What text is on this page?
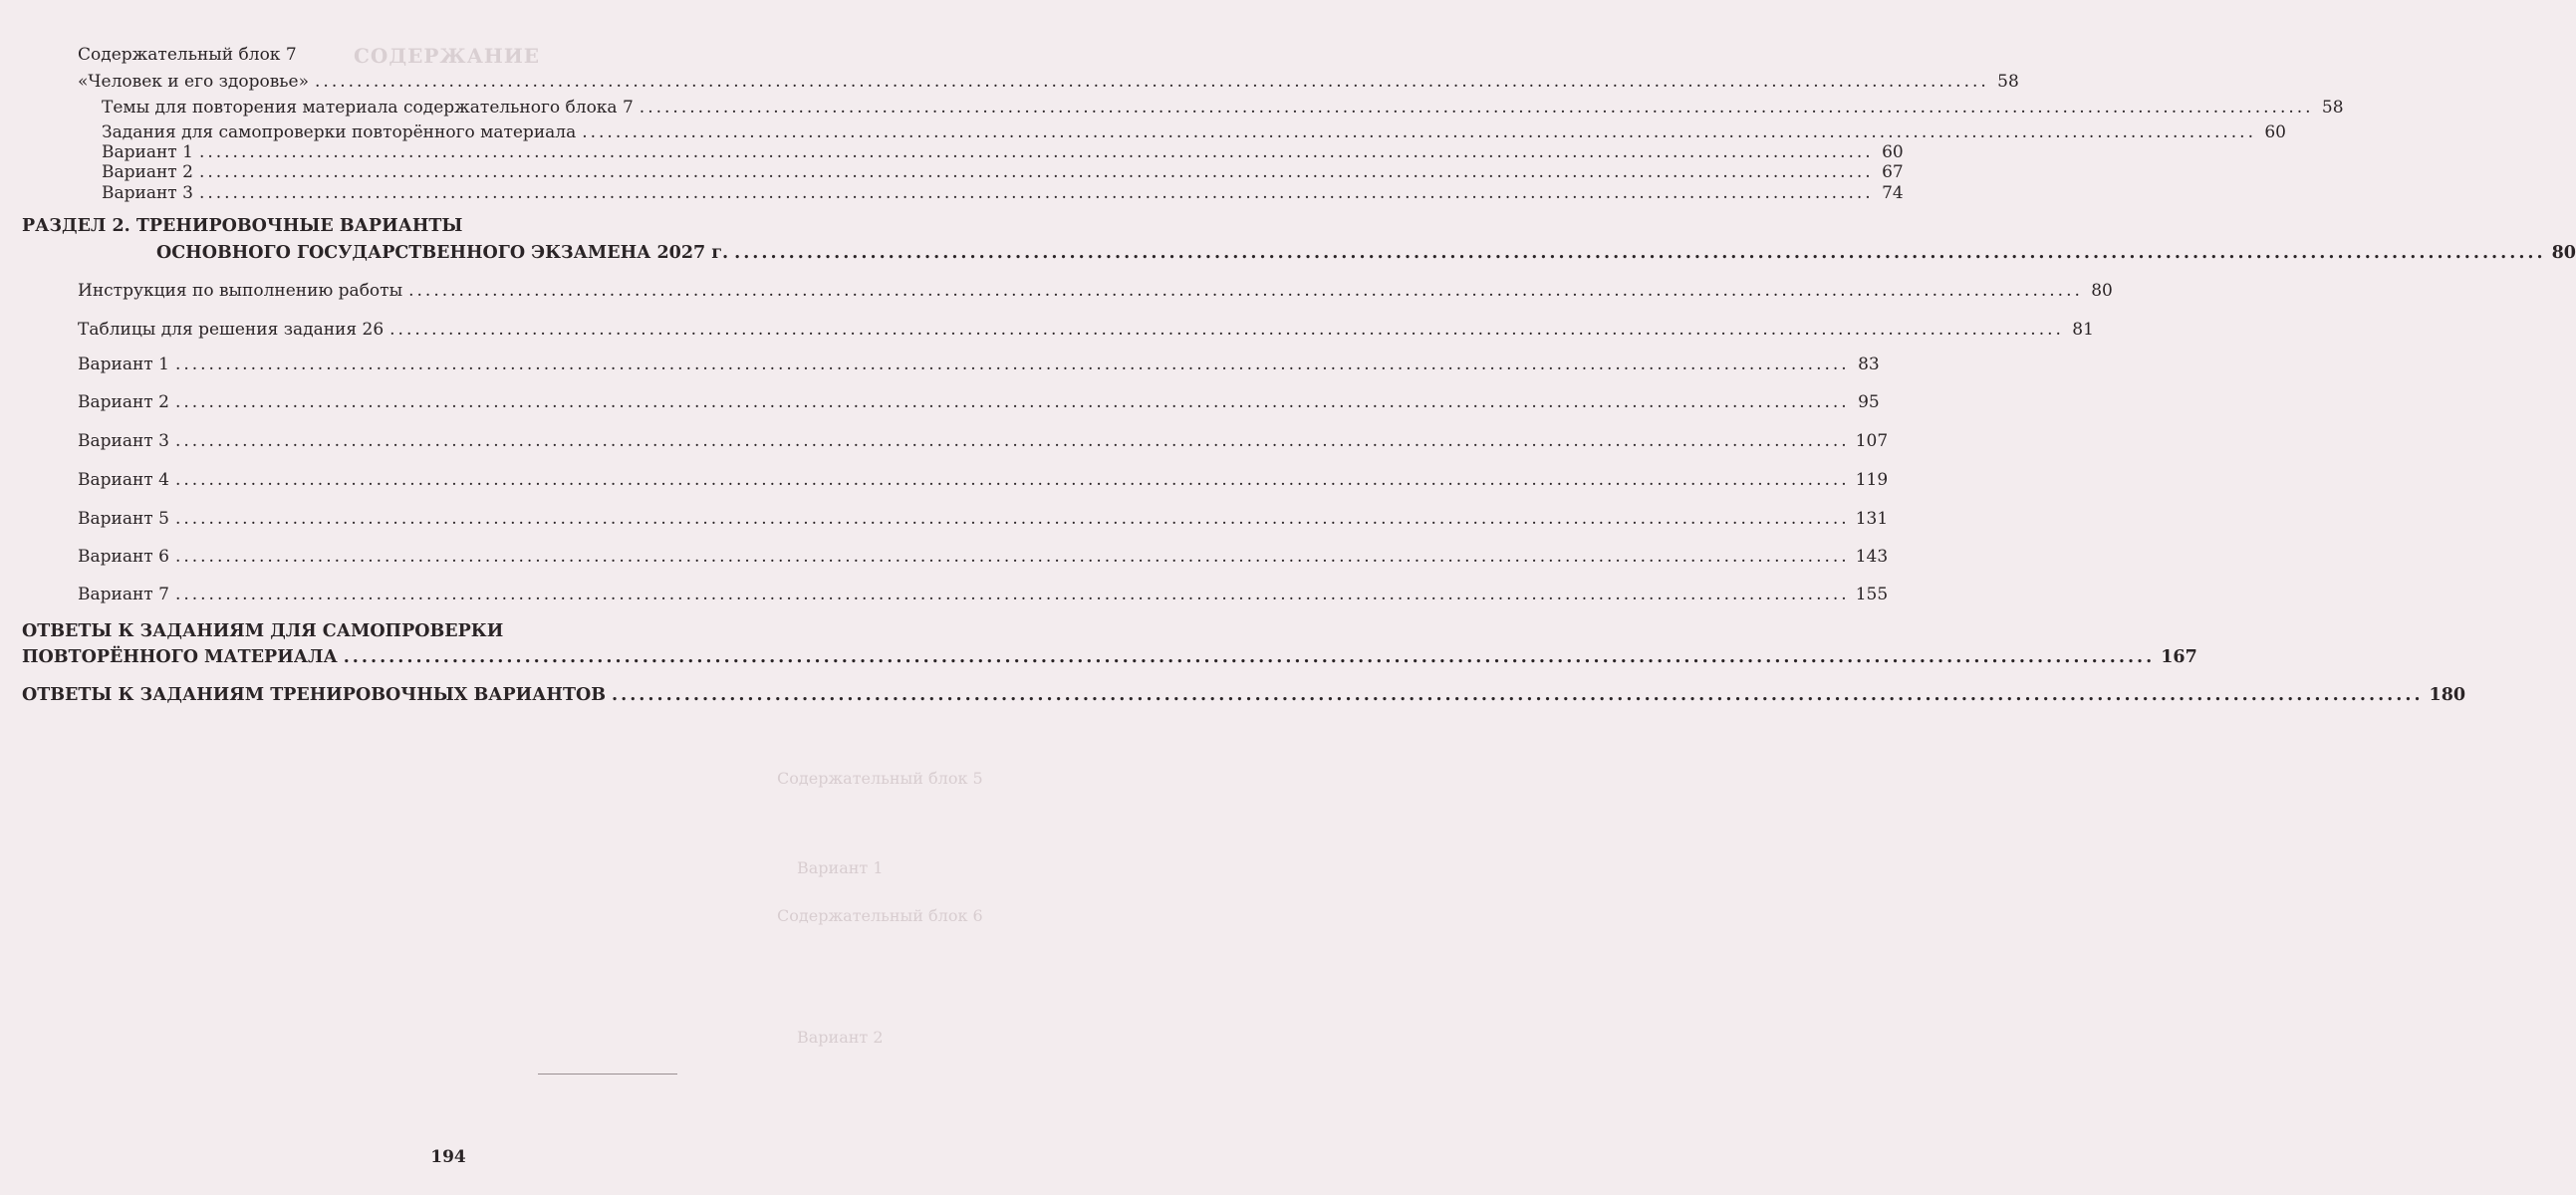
СОДЕРЖАНИЕ
Содержательный блок 5
Содержательный блок 6
Вариант 1
Вариант 2
Содержательный блок 7
«Человек и его здоровье» .....	58
Темы для повторения материала содержательного блока 7 .....	58
Задания для самопроверки повторённого материала .....	60
Вариант 1 .....	60
Вариант 2 .....	67
Вариант 3 .....	74
РАЗДЕЛ 2. ТРЕНИРОВОЧНЫЕ ВАРИАНТЫ
ОСНОВНОГО ГОСУДАРСТВЕННОГО ЭКЗАМЕНА 2027 г. .....	80
Инструкция по выполнению работы .....	80
Таблицы для решения задания 26 .....	81
Вариант 1 .....	83
Вариант 2 .....	95
Вариант 3 .....	107
Вариант 4 .....	119
Вариант 5 .....	131
Вариант 6 .....	143
Вариант 7 .....	155
ОТВЕТЫ К ЗАДАНИЯМ ДЛЯ САМОПРОВЕРКИ
ПОВТОРЁННОГО МАТЕРИАЛА .....	167
ОТВЕТЫ К ЗАДАНИЯМ ТРЕНИРОВОЧНЫХ ВАРИАНТОВ .....	180
194
